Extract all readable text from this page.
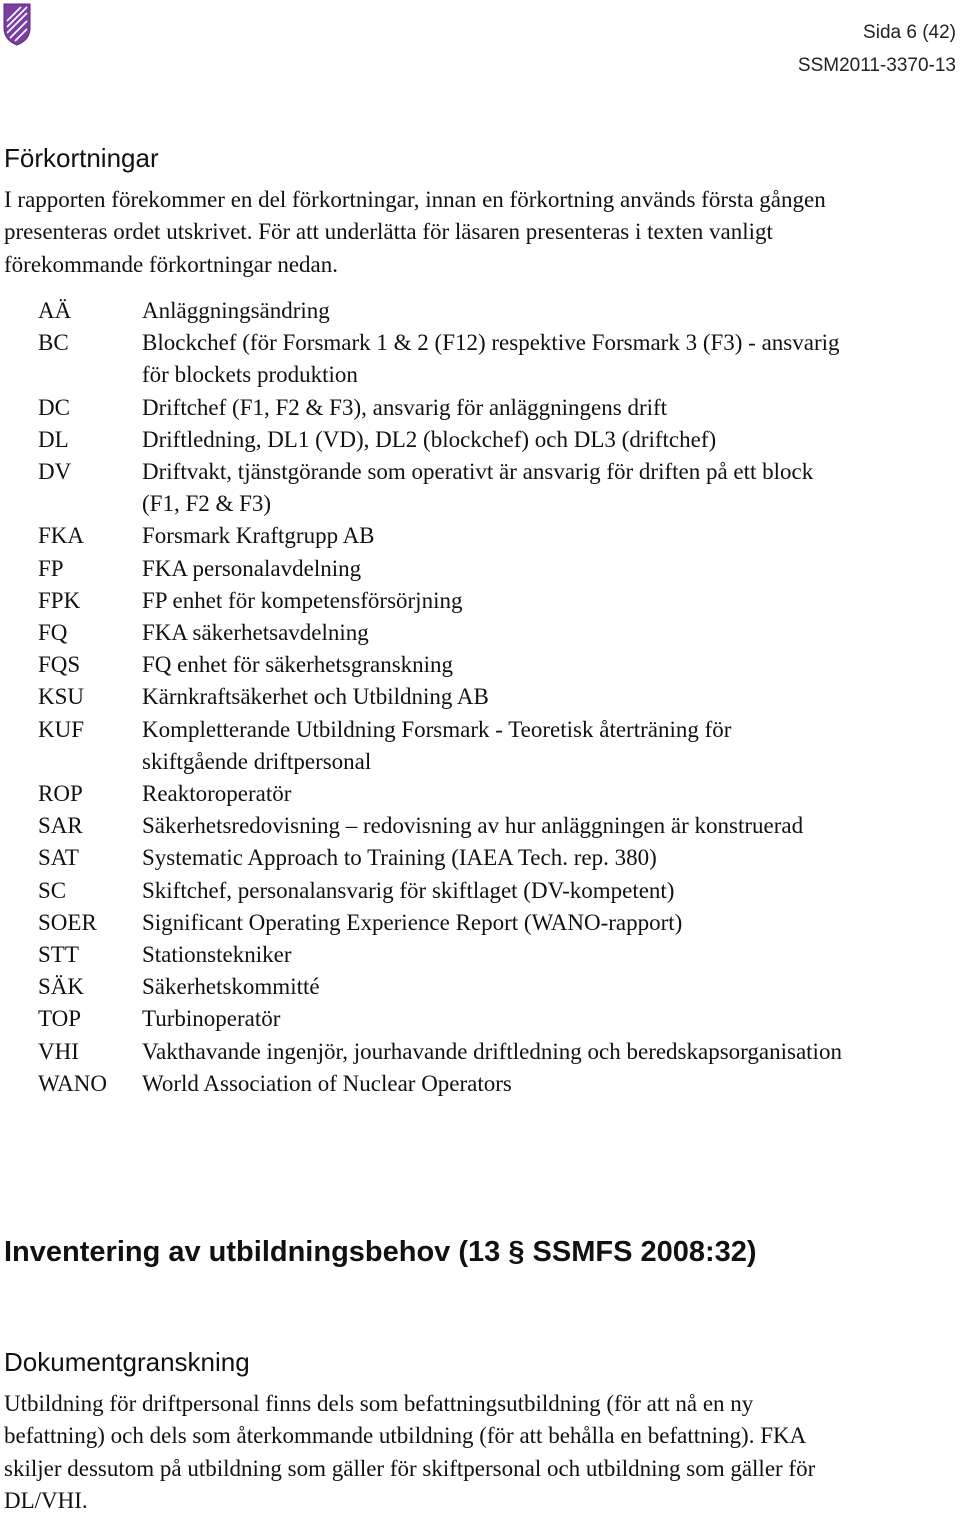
Sida 6 (42)
SSM2011-3370-13
Förkortningar

I rapporten förekommer en del förkortningar, innan en förkortning används första gången presenteras ordet utskrivet. För att underlätta för läsaren presenteras i texten vanligt förekommande förkortningar nedan.

AÄ	Anläggningsändring
BC	Blockchef (för Forsmark 1 & 2 (F12) respektive Forsmark 3 (F3) - ansvarig för blockets produktion
DC	Driftchef (F1, F2 & F3), ansvarig för anläggningens drift
DL	Driftledning, DL1 (VD), DL2 (blockchef) och DL3 (driftchef)
DV	Driftvakt, tjänstgörande som operativt är ansvarig för driften på ett block (F1, F2 & F3)
FKA	Forsmark Kraftgrupp AB
FP	FKA personalavdelning
FPK	FP enhet för kompetensförsörjning
FQ	FKA säkerhetsavdelning
FQS	FQ enhet för säkerhetsgranskning
KSU	Kärnkraftsäkerhet och Utbildning AB
KUF	Kompletterande Utbildning Forsmark - Teoretisk återträning för skiftgående driftpersonal
ROP	Reaktoroperatör
SAR	Säkerhetsredovisning – redovisning av hur anläggningen är konstruerad
SAT	Systematic Approach to Training (IAEA Tech. rep. 380)
SC	Skiftchef, personalansvarig för skiftlaget (DV-kompetent)
SOER	Significant Operating Experience Report (WANO-rapport)
STT	Stationstekniker
SÄK	Säkerhetskommitté
TOP	Turbinoperatör
VHI	Vakthavande ingenjör, jourhavande driftledning och beredskapsorganisation
WANO	World Association of Nuclear Operators
Inventering av utbildningsbehov (13 § SSMFS 2008:32)
Dokumentgranskning

Utbildning för driftpersonal finns dels som befattningsutbildning (för att nå en ny befattning) och dels som återkommande utbildning (för att behålla en befattning). FKA skiljer dessutom på utbildning som gäller för skiftpersonal och utbildning som gäller för DL/VHI.
